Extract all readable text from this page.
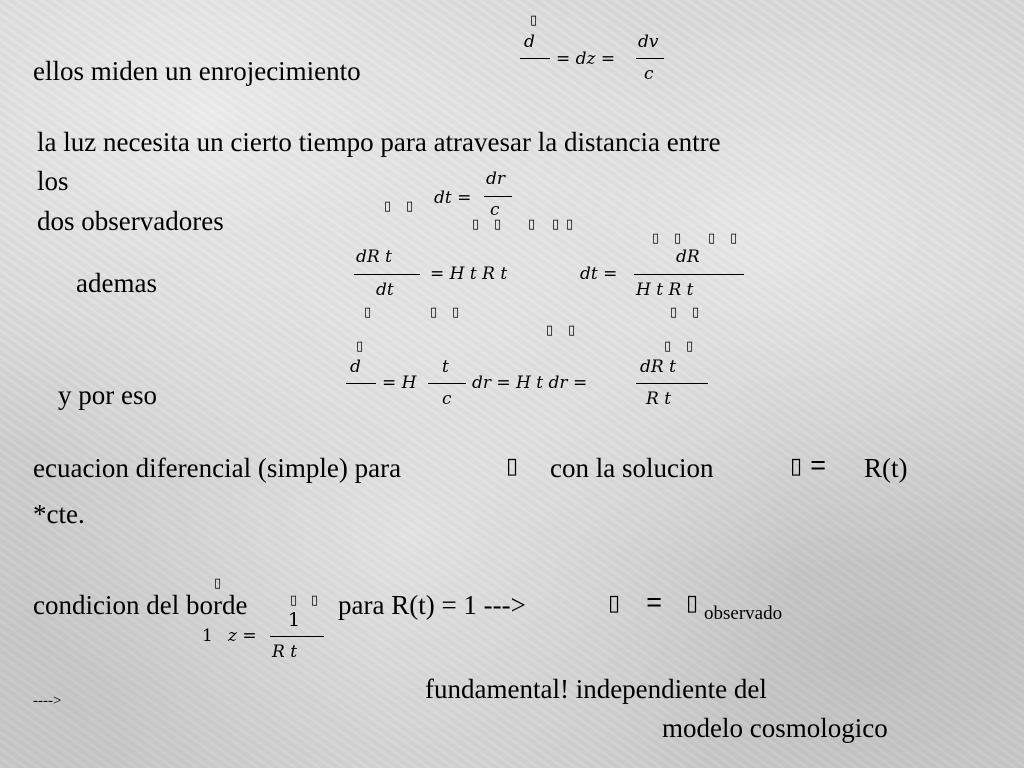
▯
d
= dz =
dv
c
ellos miden un enrojecimiento
la luz necesita un cierto tiempo para atravesar la distancia entre
los
dos observadores	▯ ▯ dt =
dr
c
▯ ▯ ▯ ▯ ▯
▯ ▯ ▯ ▯
ademas
dR t
dt
= H t R t	dt =
dR
H t R t
▯	▯ ▯	▯ ▯
▯ ▯
▯	▯ ▯
d
= H
t
c
dr = H t dr =
dR t
R t
y por eso
ecuacion diferencial (simple) para	▯ con la solucion	▯ = R(t)
*cte.
▯
condicion del borde	▯ ▯ para R(t) = 1 --->	▯ = ▯ observado
1
1 z =
R t
fundamental! independiente del
---->
modelo cosmologico
